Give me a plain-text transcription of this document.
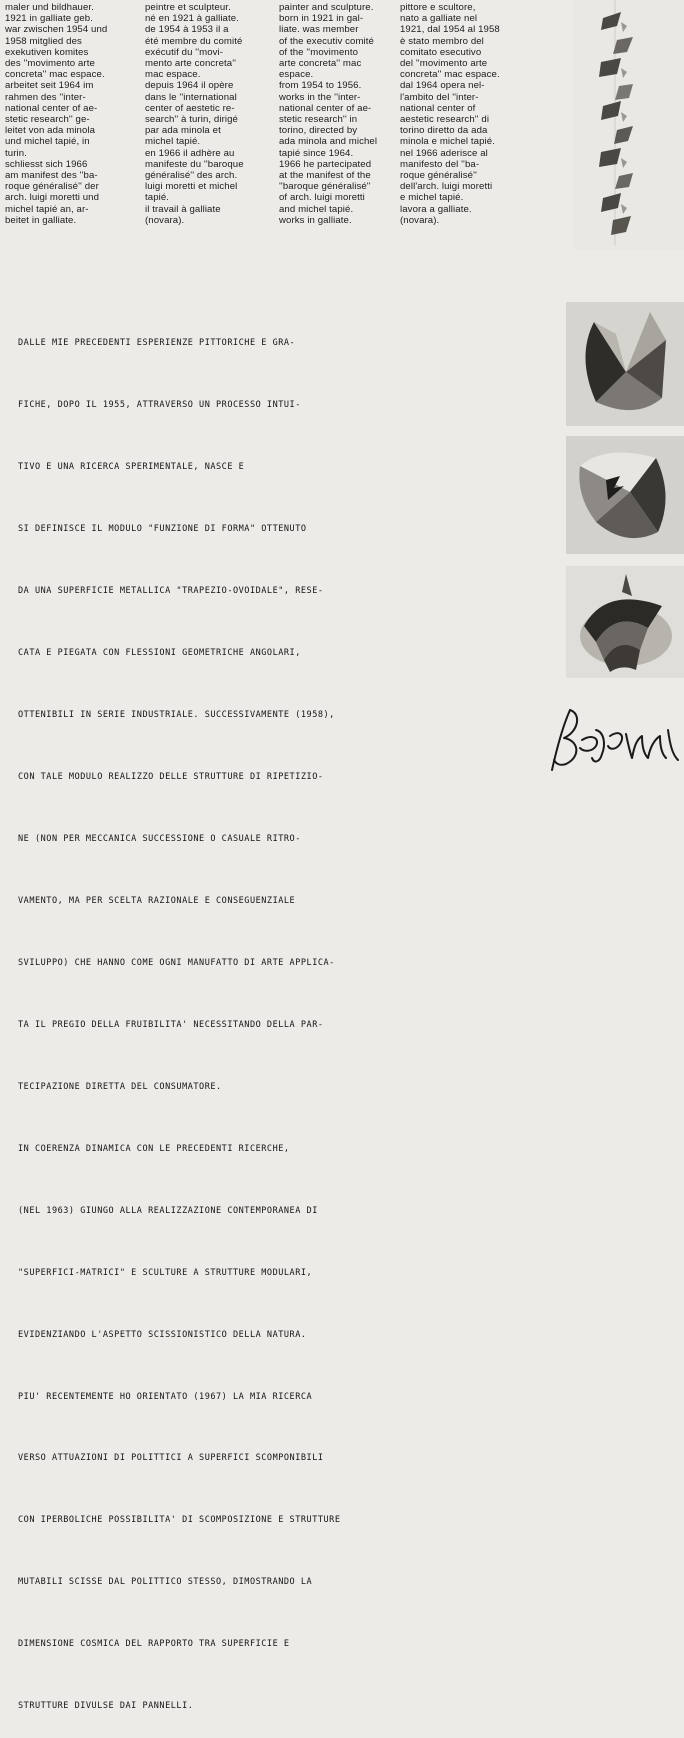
maler und bildhauer.
1921 in galliate geb.
war zwischen 1954 und
1958 mitglied des
exekutiven komites
des ''movimento arte
concreta'' mac espace.
arbeitet seit 1964 im
rahmen des ''inter-
national center of ae-
stetic research'' ge-
leitet von ada minola
und michel tapié, in
turin.
schliesst sich 1966
am manifest des ''ba-
roque généralisé'' der
arch. luigi moretti und
michel tapié an, ar-
beitet in galliate.
peintre et sculpteur.
né en 1921 à galliate.
de 1954 à 1953 il a
été membre du comité
exécutif du ''movi-
mento arte concreta''
mac espace.
depuis 1964 il opère
dans le ''international
center of aestetic re-
search'' à turin, dirigé
par ada minola et
michel tapié.
en 1966 il adhère au
manifeste du ''baroque
généralisé'' des arch.
luigi moretti et michel
tapié.
il travail à galliate
(novara).
painter and sculpture.
born in 1921 in gal-
liate. was member
of the executiv comité
of the ''movimento
arte concreta'' mac
espace.
from 1954 to 1956.
works in the ''inter-
national center of ae-
stetic research'' in
torino, directed by
ada minola and michel
tapié since 1964.
1966 he partecipated
at the manifest of the
''baroque généralisé''
of arch. luigi moretti
and michel tapié.
works in galliate.
pittore e scultore,
nato a galliate nel
1921, dal 1954 al 1958
è stato membro del
comitato esecutivo
del ''movimento arte
concreta'' mac espace.
dal 1964 opera nel-
l'ambito del ''inter-
national center of
aestetic research'' di
torino diretto da ada
minola e michel tapié.
nel 1966 aderisce al
manifesto del ''ba-
roque généralisé''
dell'arch. luigi moretti
e michel tapié.
lavora a galliate.
(novara).

DALLE MIE PRECEDENTI ESPERIENZE PITTORICHE E GRA-

FICHE, DOPO IL 1955, ATTRAVERSO UN PROCESSO INTUI-

TIVO E UNA RICERCA SPERIMENTALE, NASCE E

SI DEFINISCE IL MODULO "FUNZIONE DI FORMA" OTTENUTO

DA UNA SUPERFICIE METALLICA "TRAPEZIO-OVOIDALE", RESE-

CATA E PIEGATA CON FLESSIONI GEOMETRICHE ANGOLARI,

OTTENIBILI IN SERIE INDUSTRIALE. SUCCESSIVAMENTE (1958),

CON TALE MODULO REALIZZO DELLE STRUTTURE DI RIPETIZIO-

NE (NON PER MECCANICA SUCCESSIONE O CASUALE RITRO-

VAMENTO, MA PER SCELTA RAZIONALE E CONSEGUENZIALE

SVILUPPO) CHE HANNO COME OGNI MANUFATTO DI ARTE APPLICA-

TA IL PREGIO DELLA FRUIBILITA' NECESSITANDO DELLA PAR-

TECIPAZIONE DIRETTA DEL CONSUMATORE.

IN COERENZA DINAMICA CON LE PRECEDENTI RICERCHE,

(NEL 1963) GIUNGO ALLA REALIZZAZIONE CONTEMPORANEA DI

"SUPERFICI-MATRICI" E SCULTURE A STRUTTURE MODULARI,

EVIDENZIANDO L'ASPETTO SCISSIONISTICO DELLA NATURA.

PIU' RECENTEMENTE HO ORIENTATO (1967) LA MIA RICERCA

VERSO ATTUAZIONI DI POLITTICI A SUPERFICI SCOMPONIBILI

CON IPERBOLICHE POSSIBILITA' DI SCOMPOSIZIONE E STRUTTURE

MUTABILI SCISSE DAL POLITTICO STESSO, DIMOSTRANDO LA

DIMENSIONE COSMICA DEL RAPPORTO TRA SUPERFICIE E

STRUTTURE DIVULSE DAI PANNELLI.
